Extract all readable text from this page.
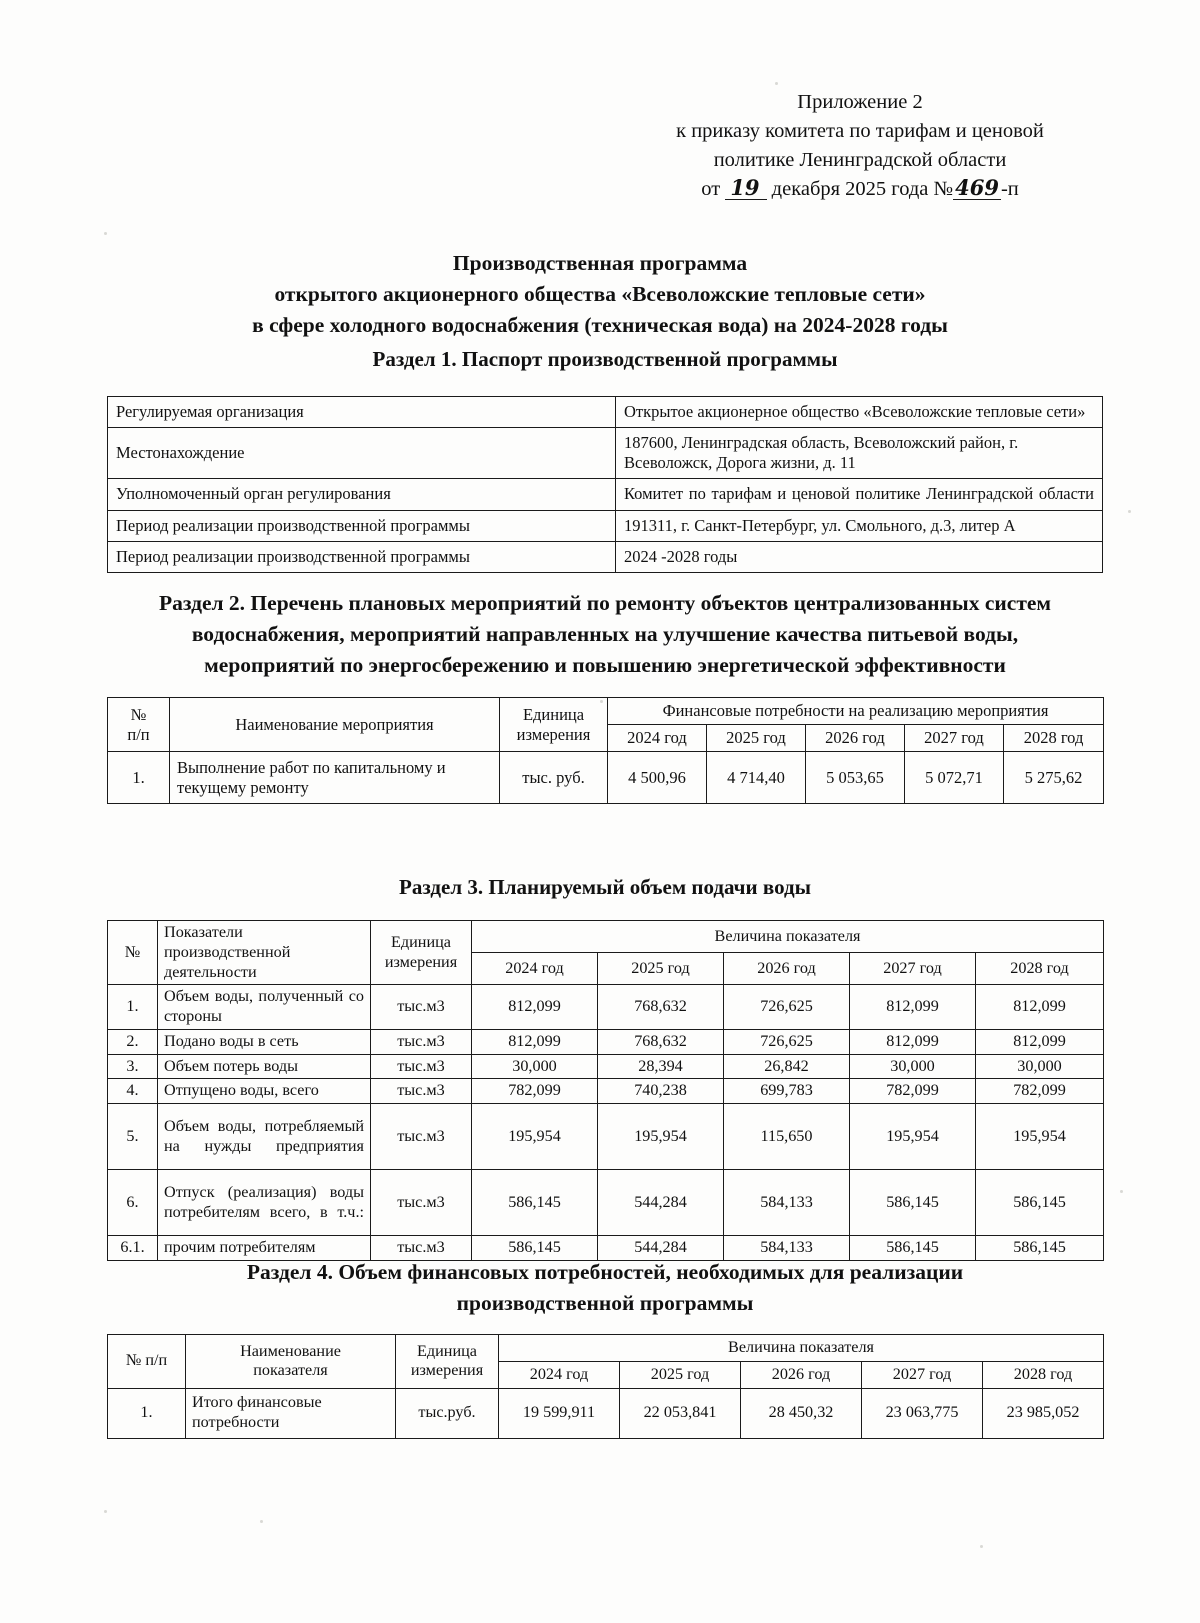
Приложение 2
к приказу комитета по тарифам и ценовой
политике Ленинградской области
от 19 декабря 2025 года №469-п
Производственная программа
открытого акционерного общества «Всеволожские тепловые сети»
в сфере холодного водоснабжения (техническая вода) на 2024-2028 годы
Раздел 1. Паспорт производственной программы
Регулируемая организация	Открытое акционерное общество «Всеволожские тепловые сети»
Местонахождение	187600, Ленинградская область, Всеволожский район, г. Всеволожск, Дорога жизни, д. 11
Уполномоченный орган регулирования	Комитет по тарифам и ценовой политике Ленинградской области
Период реализации производственной программы	191311, г. Санкт-Петербург, ул. Смольного, д.3, литер А
Период реализации производственной программы	2024 -2028 годы
Раздел 2. Перечень плановых мероприятий по ремонту объектов централизованных систем
водоснабжения, мероприятий направленных на улучшение качества питьевой воды,
мероприятий по энергосбережению и повышению энергетической эффективности
№
п/п
	Наименование мероприятия	
Единица
измерения
	Финансовые потребности на реализацию мероприятия
			2024 год	2025 год	2026 год	2027 год	2028 год
1.	Выполнение работ по капитальному и текущему ремонту	тыс. руб.	4 500,96	4 714,40	5 053,65	5 072,71	5 275,62
Раздел 3. Планируемый объем подачи воды
№	
Показатели
производственной
деятельности

Единица
измерения
	Величина показателя
			2024 год	2025 год	2026 год	2027 год	2028 год
1.	Объем воды, полученный со стороны	тыс.м3	812,099	768,632	726,625	812,099	812,099
2.	Подано воды в сеть	тыс.м3	812,099	768,632	726,625	812,099	812,099
3.	Объем потерь воды	тыс.м3	30,000	28,394	26,842	30,000	30,000
4.	Отпущено воды, всего	тыс.м3	782,099	740,238	699,783	782,099	782,099
5.	Объем воды, потребляемый на нужды предприятия	тыс.м3	195,954	195,954	115,650	195,954	195,954
6.	Отпуск (реализация) воды потребителям всего, в т.ч.:	тыс.м3	586,145	544,284	584,133	586,145	586,145
6.1.	прочим потребителям	тыс.м3	586,145	544,284	584,133	586,145	586,145
Раздел 4. Объем финансовых потребностей, необходимых для реализации
производственной программы
№ п/п	
Наименование
показателя

Единица
измерения
	Величина показателя
			2024 год	2025 год	2026 год	2027 год	2028 год
1.	Итого финансовые потребности	тыс.руб.	19 599,911	22 053,841	28 450,32	23 063,775	23 985,052
